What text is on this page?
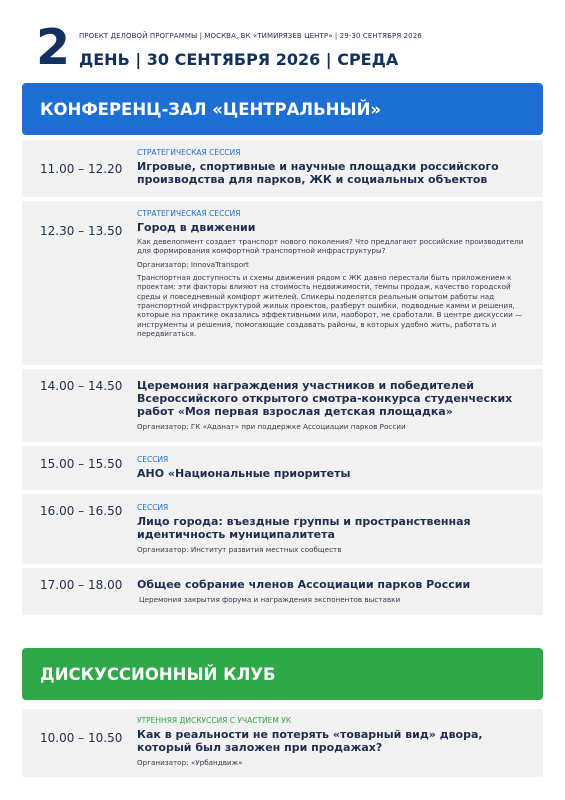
2 ПРОЕКТ ДЕЛОВОЙ ПРОГРАММЫ | МОСКВА, ВК «ТИМИРЯЗЕВ ЦЕНТР» | 29-30 СЕНТЯБРЯ 2026
ДЕНЬ | 30 СЕНТЯБРЯ 2026 | СРЕДА
КОНФЕРЕНЦ-ЗАЛ «ЦЕНТРАЛЬНЫЙ»
11.00 – 12.20
СТРАТЕГИЧЕСКАЯ СЕССИЯ
Игровые, спортивные и научные площадки российского производства для парков, ЖК и социальных объектов
12.30 – 13.50
СТРАТЕГИЧЕСКАЯ СЕССИЯ
Город в движении
Как девелопмент создает транспорт нового поколения? Что предлагают российские производители для формирования комфортной транспортной инфраструктуры?
Организатор: InnovaTransport
Транспортная доступность и схемы движения рядом с ЖК давно перестали быть приложением к проектам: эти факторы влияют на стоимость недвижимости, темпы продаж, качество городской среды и повседневный комфорт жителей. Спикеры поделятся реальным опытом работы над транспортной инфраструктурой жилых проектов, разберут ошибки, подводные камни и решения, которые на практике оказались эффективными или, наоборот, не сработали. В центре дискуссии — инструменты и решения, помогающие создавать районы, в которых удобно жить, работать и передвигаться.
14.00 – 14.50 Церемония награждения участников и победителей Всероссийского открытого смотра-конкурса студенческих работ «Моя первая взрослая детская площадка»
Организатор: ГК «Аданат» при поддержке Ассоциации парков России
15.00 – 15.50 СЕССИЯ
АНО «Национальные приоритеты
16.00 – 16.50 СЕССИЯ
Лицо города: въездные группы и пространственная идентичность муниципалитета
Организатор: Институт развития местных сообществ
17.00 – 18.00 Общее собрание членов Ассоциации парков России
Церемония закрытия форума и награждения экспонентов выставки
ДИСКУССИОННЫЙ КЛУБ
10.00 – 10.50
УТРЕННЯЯ ДИСКУССИЯ С УЧАСТИЕМ УК
Как в реальности не потерять «товарный вид» двора, который был заложен при продажах?
Организатор: «Урбандвиж»
